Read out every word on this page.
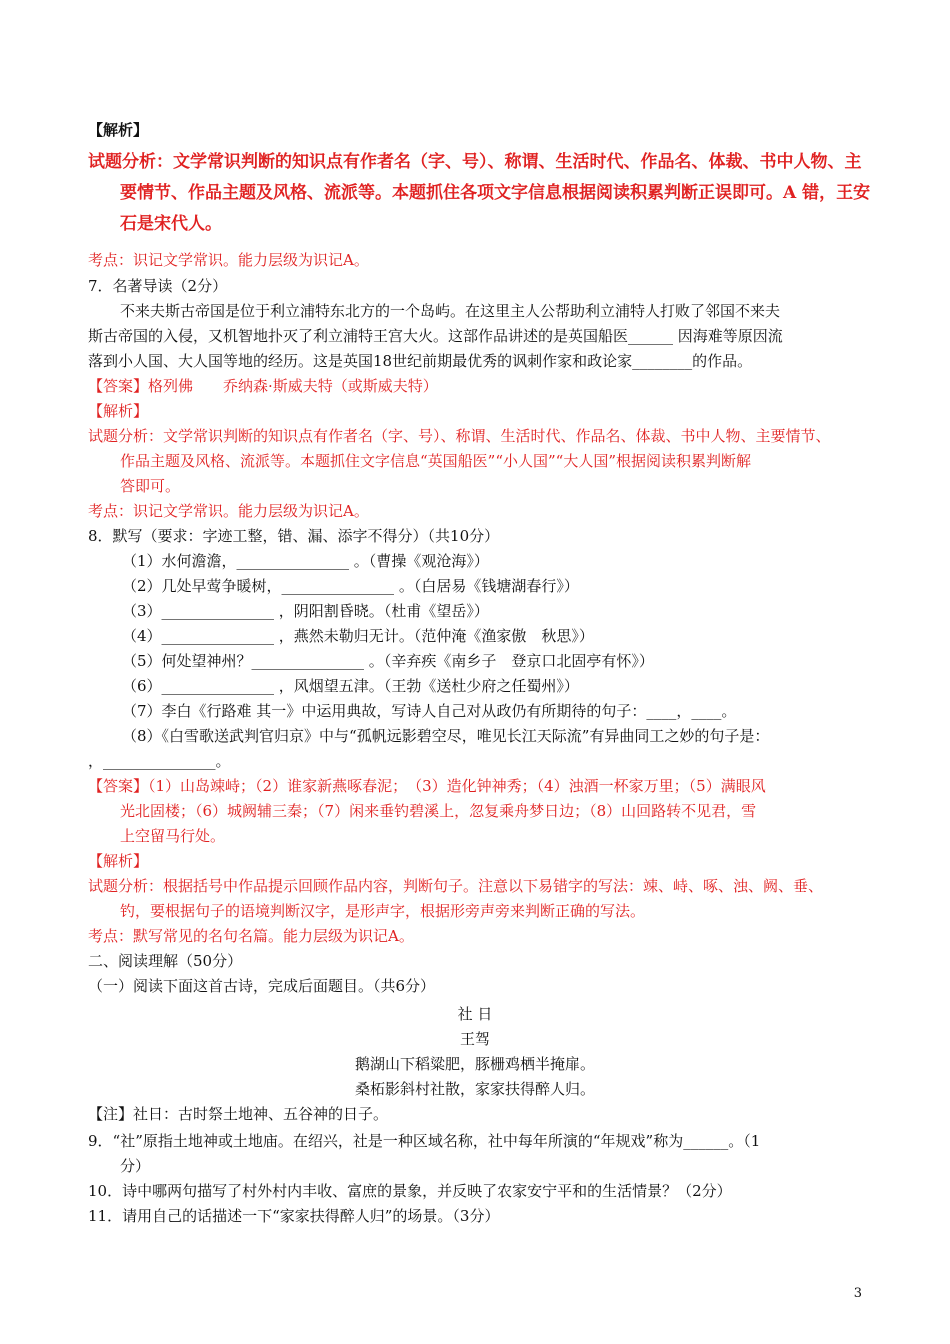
【解析】
试题分析：文学常识判断的知识点有作者名（字、号）、称谓、生活时代、作品名、体裁、书中人物、主
要情节、作品主题及风格、流派等。本题抓住各项文字信息根据阅读积累判断正误即可。A 错，王安
石是宋代人。
考点：识记文学常识。能力层级为识记A。
7．名著导读（2分）
不来夫斯古帝国是位于利立浦特东北方的一个岛屿。在这里主人公帮助利立浦特人打败了邻国不来夫
斯古帝国的入侵，又机智地扑灭了利立浦特王宫大火。这部作品讲述的是英国船医______ 因海难等原因流
落到小人国、大人国等地的经历。这是英国18世纪前期最优秀的讽刺作家和政论家________的作品。
【答案】格列佛　　乔纳森·斯威夫特（或斯威夫特）
【解析】
试题分析：文学常识判断的知识点有作者名（字、号）、称谓、生活时代、作品名、体裁、书中人物、主要情节、
作品主题及风格、流派等。本题抓住文字信息“英国船医”“小人国”“大人国”根据阅读积累判断解
答即可。
考点：识记文学常识。能力层级为识记A。
8．默写（要求：字迹工整，错、漏、添字不得分）（共10分）
（1）水何澹澹，_______________ 。（曹操《观沧海》）
（2）几处早莺争暖树，_______________ 。（白居易《钱塘湖春行》）
（3）_______________ ，阴阳割昏晓。（杜甫《望岳》）
（4）_______________ ，燕然未勒归无计。（范仲淹《渔家傲　秋思》）
（5）何处望神州？_______________ 。（辛弃疾《南乡子　登京口北固亭有怀》）
（6）_______________ ，风烟望五津。（王勃《送杜少府之任蜀州》）
（7）李白《行路难 其一》中运用典故，写诗人自己对从政仍有所期待的句子：____，____。
（8）《白雪歌送武判官归京》中与“孤帆远影碧空尽，唯见长江天际流”有异曲同工之妙的句子是：
，_______________。
【答案】（1）山岛竦峙；（2）谁家新燕啄春泥；　（3）造化钟神秀；（4）浊酒一杯家万里；（5）满眼风
光北固楼；（6）城阙辅三秦；（7）闲来垂钓碧溪上，忽复乘舟梦日边；（8）山回路转不见君，雪
上空留马行处。
【解析】
试题分析：根据括号中作品提示回顾作品内容，判断句子。注意以下易错字的写法：竦、峙、啄、浊、阙、垂、
钓，要根据句子的语境判断汉字，是形声字，根据形旁声旁来判断正确的写法。
考点：默写常见的名句名篇。能力层级为识记A。
二、阅读理解（50分）
（一）阅读下面这首古诗，完成后面题目。（共6分）
社 日
王驾
鹅湖山下稻粱肥，豚栅鸡栖半掩扉。
桑柘影斜村社散，家家扶得醉人归。
【注】社日：古时祭土地神、五谷神的日子。
9．“社”原指土地神或土地庙。在绍兴，社是一种区域名称，社中每年所演的“年规戏”称为______。（1
分）
10．诗中哪两句描写了村外村内丰收、富庶的景象，并反映了农家安宁平和的生活情景？（2分）
11．请用自己的话描述一下“家家扶得醉人归”的场景。（3分）
3
